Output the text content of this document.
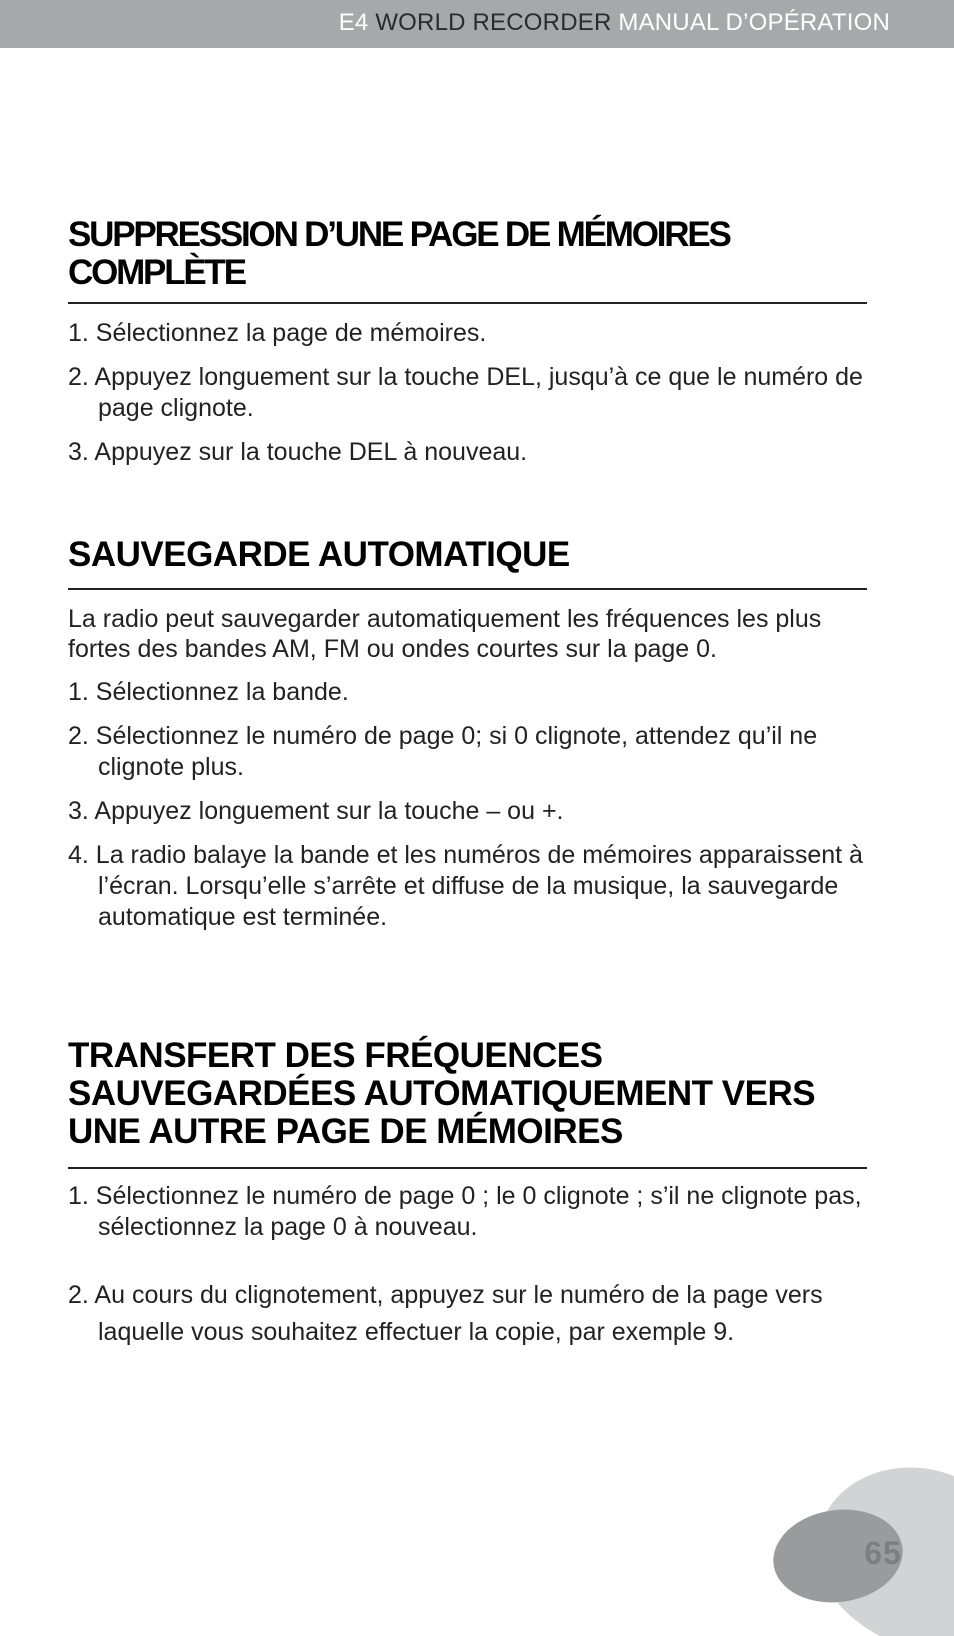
E4 WORLD RECORDER MANUAL D’OPÉRATION
SUPPRESSION D’UNE PAGE DE MÉMOIRES COMPLÈTE

1. Sélectionnez la page de mémoires.

2. Appuyez longuement sur la touche DEL, jusqu’à ce que le numéro de page clignote.

3. Appuyez sur la touche DEL à nouveau.

SAUVEGARDE AUTOMATIQUE

La radio peut sauvegarder automatiquement les fréquences les plus fortes des bandes AM, FM ou ondes courtes sur la page 0.

1. Sélectionnez la bande.

2. Sélectionnez le numéro de page 0; si 0 clignote, attendez qu’il ne clignote plus.

3. Appuyez longuement sur la touche – ou +.

4. La radio balaye la bande et les numéros de mémoires apparaissent à l’écran. Lorsqu’elle s’arrête et diffuse de la musique, la sauvegarde automatique est terminée.

TRANSFERT DES FRÉQUENCES SAUVEGARDÉES AUTOMATIQUEMENT VERS UNE AUTRE PAGE DE MÉMOIRES

1. Sélectionnez le numéro de page 0 ; le 0 clignote ; s’il ne clignote pas, sélectionnez la page 0 à nouveau.

2. Au cours du clignotement, appuyez sur le numéro de la page vers laquelle vous souhaitez effectuer la copie, par exemple 9.

65
